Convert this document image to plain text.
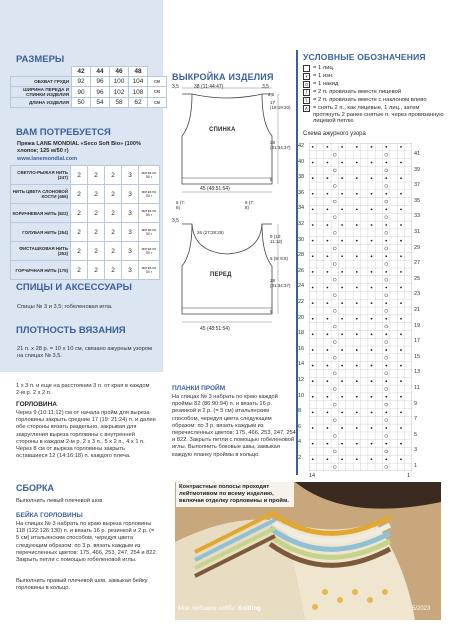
РАЗМЕРЫ
	42	44	46	48	
ОБХВАТ ГРУДИ	92	96	100	104	см
ШИРИНА ПЕРЕДА И СПИНКИ ИЗДЕЛИЯ	90	96	102	108	см
ДЛИНА ИЗДЕЛИЯ	50	54	58	62	см
ВАМ ПОТРЕБУЕТСЯ
Пряжа LANE MONDIAL «Seco Soft Bio» (100% хлопок; 125 м/50 г)
www.lanemondial.com
СВЕТЛО-РЫЖАЯ НИТЬ (247)	2	2	2	3	мотка по 50 г
НИТЬ ЦВЕТА СЛОНОВОЙ КОСТИ (466)	2	2	2	3	мотка по 50 г
КОРИЧНЕВАЯ НИТЬ (822)	2	2	2	3	мотка по 50 г
ГОЛУБАЯ НИТЬ (254)	2	2	2	3	мотка по 50 г
ФИСТАШКОВАЯ НИТЬ (253)	2	2	2	3	мотка по 50 г
ГОРЧИЧНАЯ НИТЬ (175)	2	2	2	3	мотка по 50 г
СПИЦЫ И АКСЕССУАРЫ
Спицы № 3 и 3,5; гобеленовая игла.
ПЛОТНОСТЬ ВЯЗАНИЯ
21 п. x 28 р. = 10 x 10 см, связано ажурным узором на спицах № 3,5.
ВЫКРОЙКА ИЗДЕЛИЯ
СПИНКА
38 (11:44:47)
3,5	3,5
2,5
17 (18:19:20)
28 (31:34:37)
45 (48:51:54)
5
ПЕРЕД
6 (7: 8)
6 (7: 8)
26 (27:28:29)
3,5
9 (10: 11:12)
6 (8: 8:8)
28 (31:34:37)
45 (48:51:54)
5
УСЛОВНЫЕ ОБОЗНАЧЕНИЯ
= 1 лиц.
• = 1 изн.
o = 1 накид
/	= 2 п. провязать вместе лицевой
\	= 2 п. провязать вместе с наклоном влево
∧ = снять 2 п., как лицевые, 1 лиц., затем протянуть 2 ранее снятые п. через провязанную лицевой петлю
Схема ажурного узора
42
40
38
36
34
32
30
28
26
24
22
20
18
16
14
12
10
8
6
4
2
41
39
37
35
33
31
29
27
25
23
21
19
17
15
13
11
9
7
5
3
1
14	1
1 х 3 п. и еще на расстоянии 3 п. от края в каждом 2-м р. 2 х 2 п.
ГОРЛОВИНА
Через 9 (10:11:12) см от начала пройм для выреза горловины закрыть средние 17 (19: 21:24) п. и далее обе стороны вязать раздельно, закрывая для закругления выреза горловины с внутренней стороны в каждом 2-м р. 2 х 3 п., 5 х 2 п., 4 х 1 п. Через 8 см от выреза горловины закрыть оставшиеся 12 (14:16:18) п. каждого плеча.
СБОРКА
Выполнить левый плечевой шов.
БЕЙКА ГОРЛОВИНЫ
На спицах № 3 набрать по краю выреза горловины 118 (122:126:130) п. и вязать 16 р. резинкой и 2 р. (= 5 см) итальянским способом, чередуя цвета следующим образом: по 3 р. вязать каждым из перечисленных цветов: 175, 466, 253, 247, 254 и 822. Закрыть петли с помощью гобеленовой иглы.
Выполнить правый плечевой шов, замыкая бейку горловины в кольцо.
ПЛАНКИ ПРОЙМ
На спицах № 3 набрать по краю каждой проймы 82 (86:90:94) п. и вязать 16 р. резинкой и 2 р. (= 5 см) итальянским способом, чередуя цвета следующим образом: по 3 р. вязать каждым из перечисленных цветов: 175, 466, 253, 247, 254 и 822. Закрыть петли с помощью гобеленовой иглы. Выполнить боковые швы, замыкая каждую планку проймы в кольцо.
Контрастные полосы проходят лейтмотивом по всему изделию, включая отделку горловины и пройм.
Мое любимое хобби Knitting	5/2023
